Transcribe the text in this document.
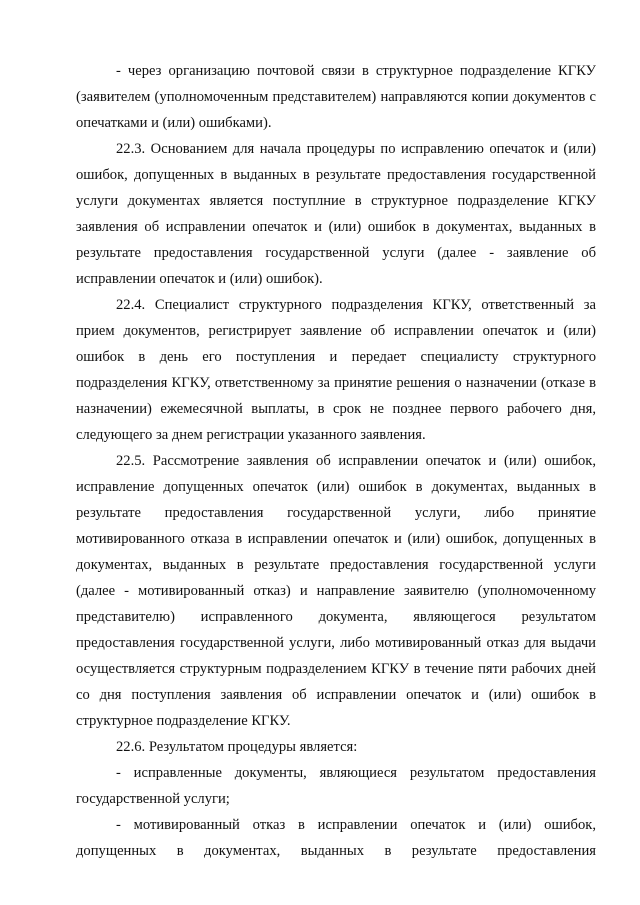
- через организацию почтовой связи в структурное подразделение КГКУ (заявителем (уполномоченным представителем) направляются копии документов с опечатками и (или) ошибками).

22.3. Основанием для начала процедуры по исправлению опечаток и (или) ошибок, допущенных в выданных в результате предоставления государственной услуги документах является поступлние в структурное подразделение КГКУ заявления об исправлении опечаток и (или) ошибок в документах, выданных в результате предоставления государственной услуги (далее - заявление об исправлении опечаток и (или) ошибок).

22.4. Специалист структурного подразделения КГКУ, ответственный за прием документов, регистрирует заявление об исправлении опечаток и (или) ошибок в день его поступления и передает специалисту структурного подразделения КГКУ, ответственному за принятие решения о назначении (отказе в назначении) ежемесячной выплаты, в срок не позднее первого рабочего дня, следующего за днем регистрации указанного заявления.

22.5. Рассмотрение заявления об исправлении опечаток и (или) ошибок, исправление допущенных опечаток (или) ошибок в документах, выданных в результате предоставления государственной услуги, либо принятие мотивированного отказа в исправлении опечаток и (или) ошибок, допущенных в документах, выданных в результате предоставления государственной услуги (далее - мотивированный отказ) и направление заявителю (уполномоченному представителю) исправленного документа, являющегося результатом предоставления государственной услуги, либо мотивированный отказ для выдачи осуществляется структурным подразделением КГКУ в течение пяти рабочих дней со дня поступления заявления об исправлении опечаток и (или) ошибок в структурное подразделение КГКУ.

22.6. Результатом процедуры является:

- исправленные документы, являющиеся результатом предоставления государственной услуги;

- мотивированный отказ в исправлении опечаток и (или) ошибок, допущенных в документах, выданных в результате предоставления
